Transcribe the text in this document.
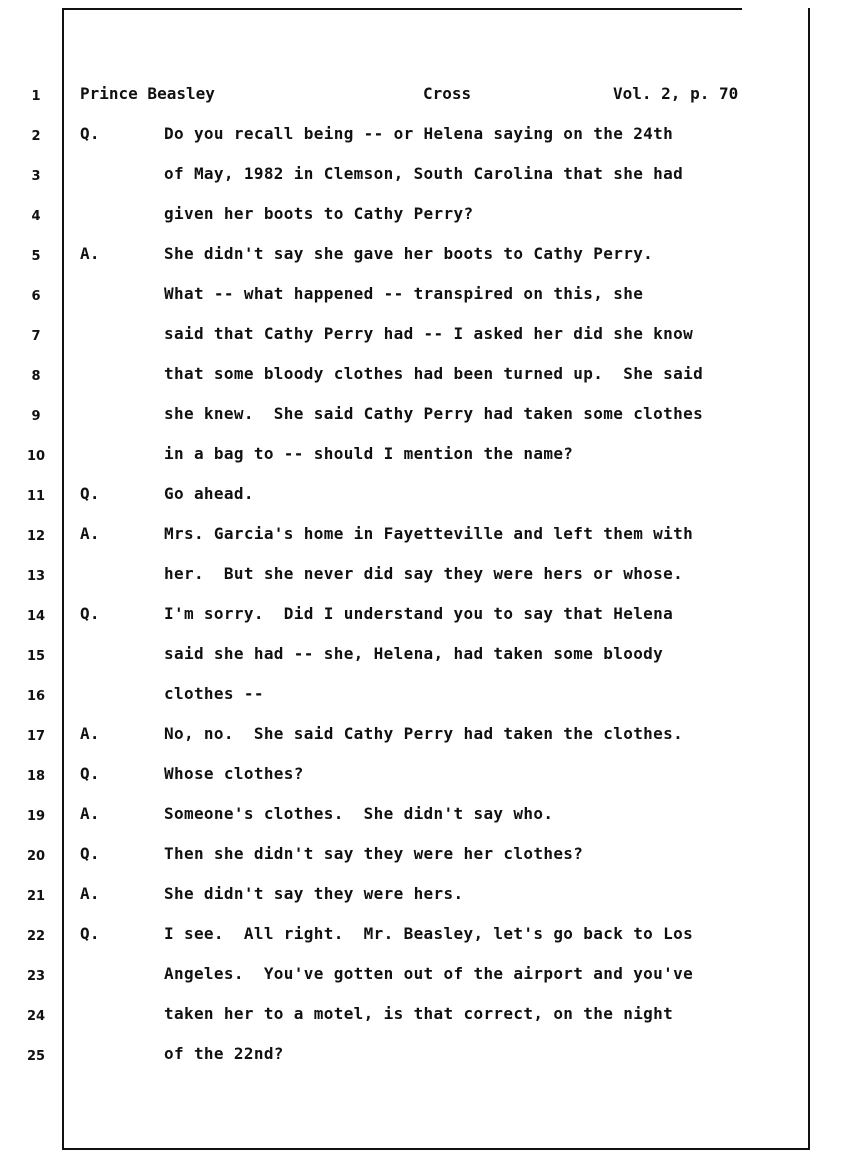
1	Prince Beasley	Cross	Vol. 2, p. 70
2	Q.	Do you recall being -- or Helena saying on the 24th
3	of May, 1982 in Clemson, South Carolina that she had
4	given her boots to Cathy Perry?
5	A.	She didn't say she gave her boots to Cathy Perry.
6	What -- what happened -- transpired on this, she
7	said that Cathy Perry had -- I asked her did she know
8	that some bloody clothes had been turned up.  She said
9	she knew.  She said Cathy Perry had taken some clothes
10	in a bag to -- should I mention the name?
11	Q.	Go ahead.
12	A.	Mrs. Garcia's home in Fayetteville and left them with
13	her.  But she never did say they were hers or whose.
14	Q.	I'm sorry.  Did I understand you to say that Helena
15	said she had -- she, Helena, had taken some bloody
16	clothes --
17	A.	No, no.  She said Cathy Perry had taken the clothes.
18	Q.	Whose clothes?
19	A.	Someone's clothes.  She didn't say who.
20	Q.	Then she didn't say they were her clothes?
21	A.	She didn't say they were hers.
22	Q.	I see.  All right.  Mr. Beasley, let's go back to Los
23	Angeles.  You've gotten out of the airport and you've
24	taken her to a motel, is that correct, on the night
25	of the 22nd?
